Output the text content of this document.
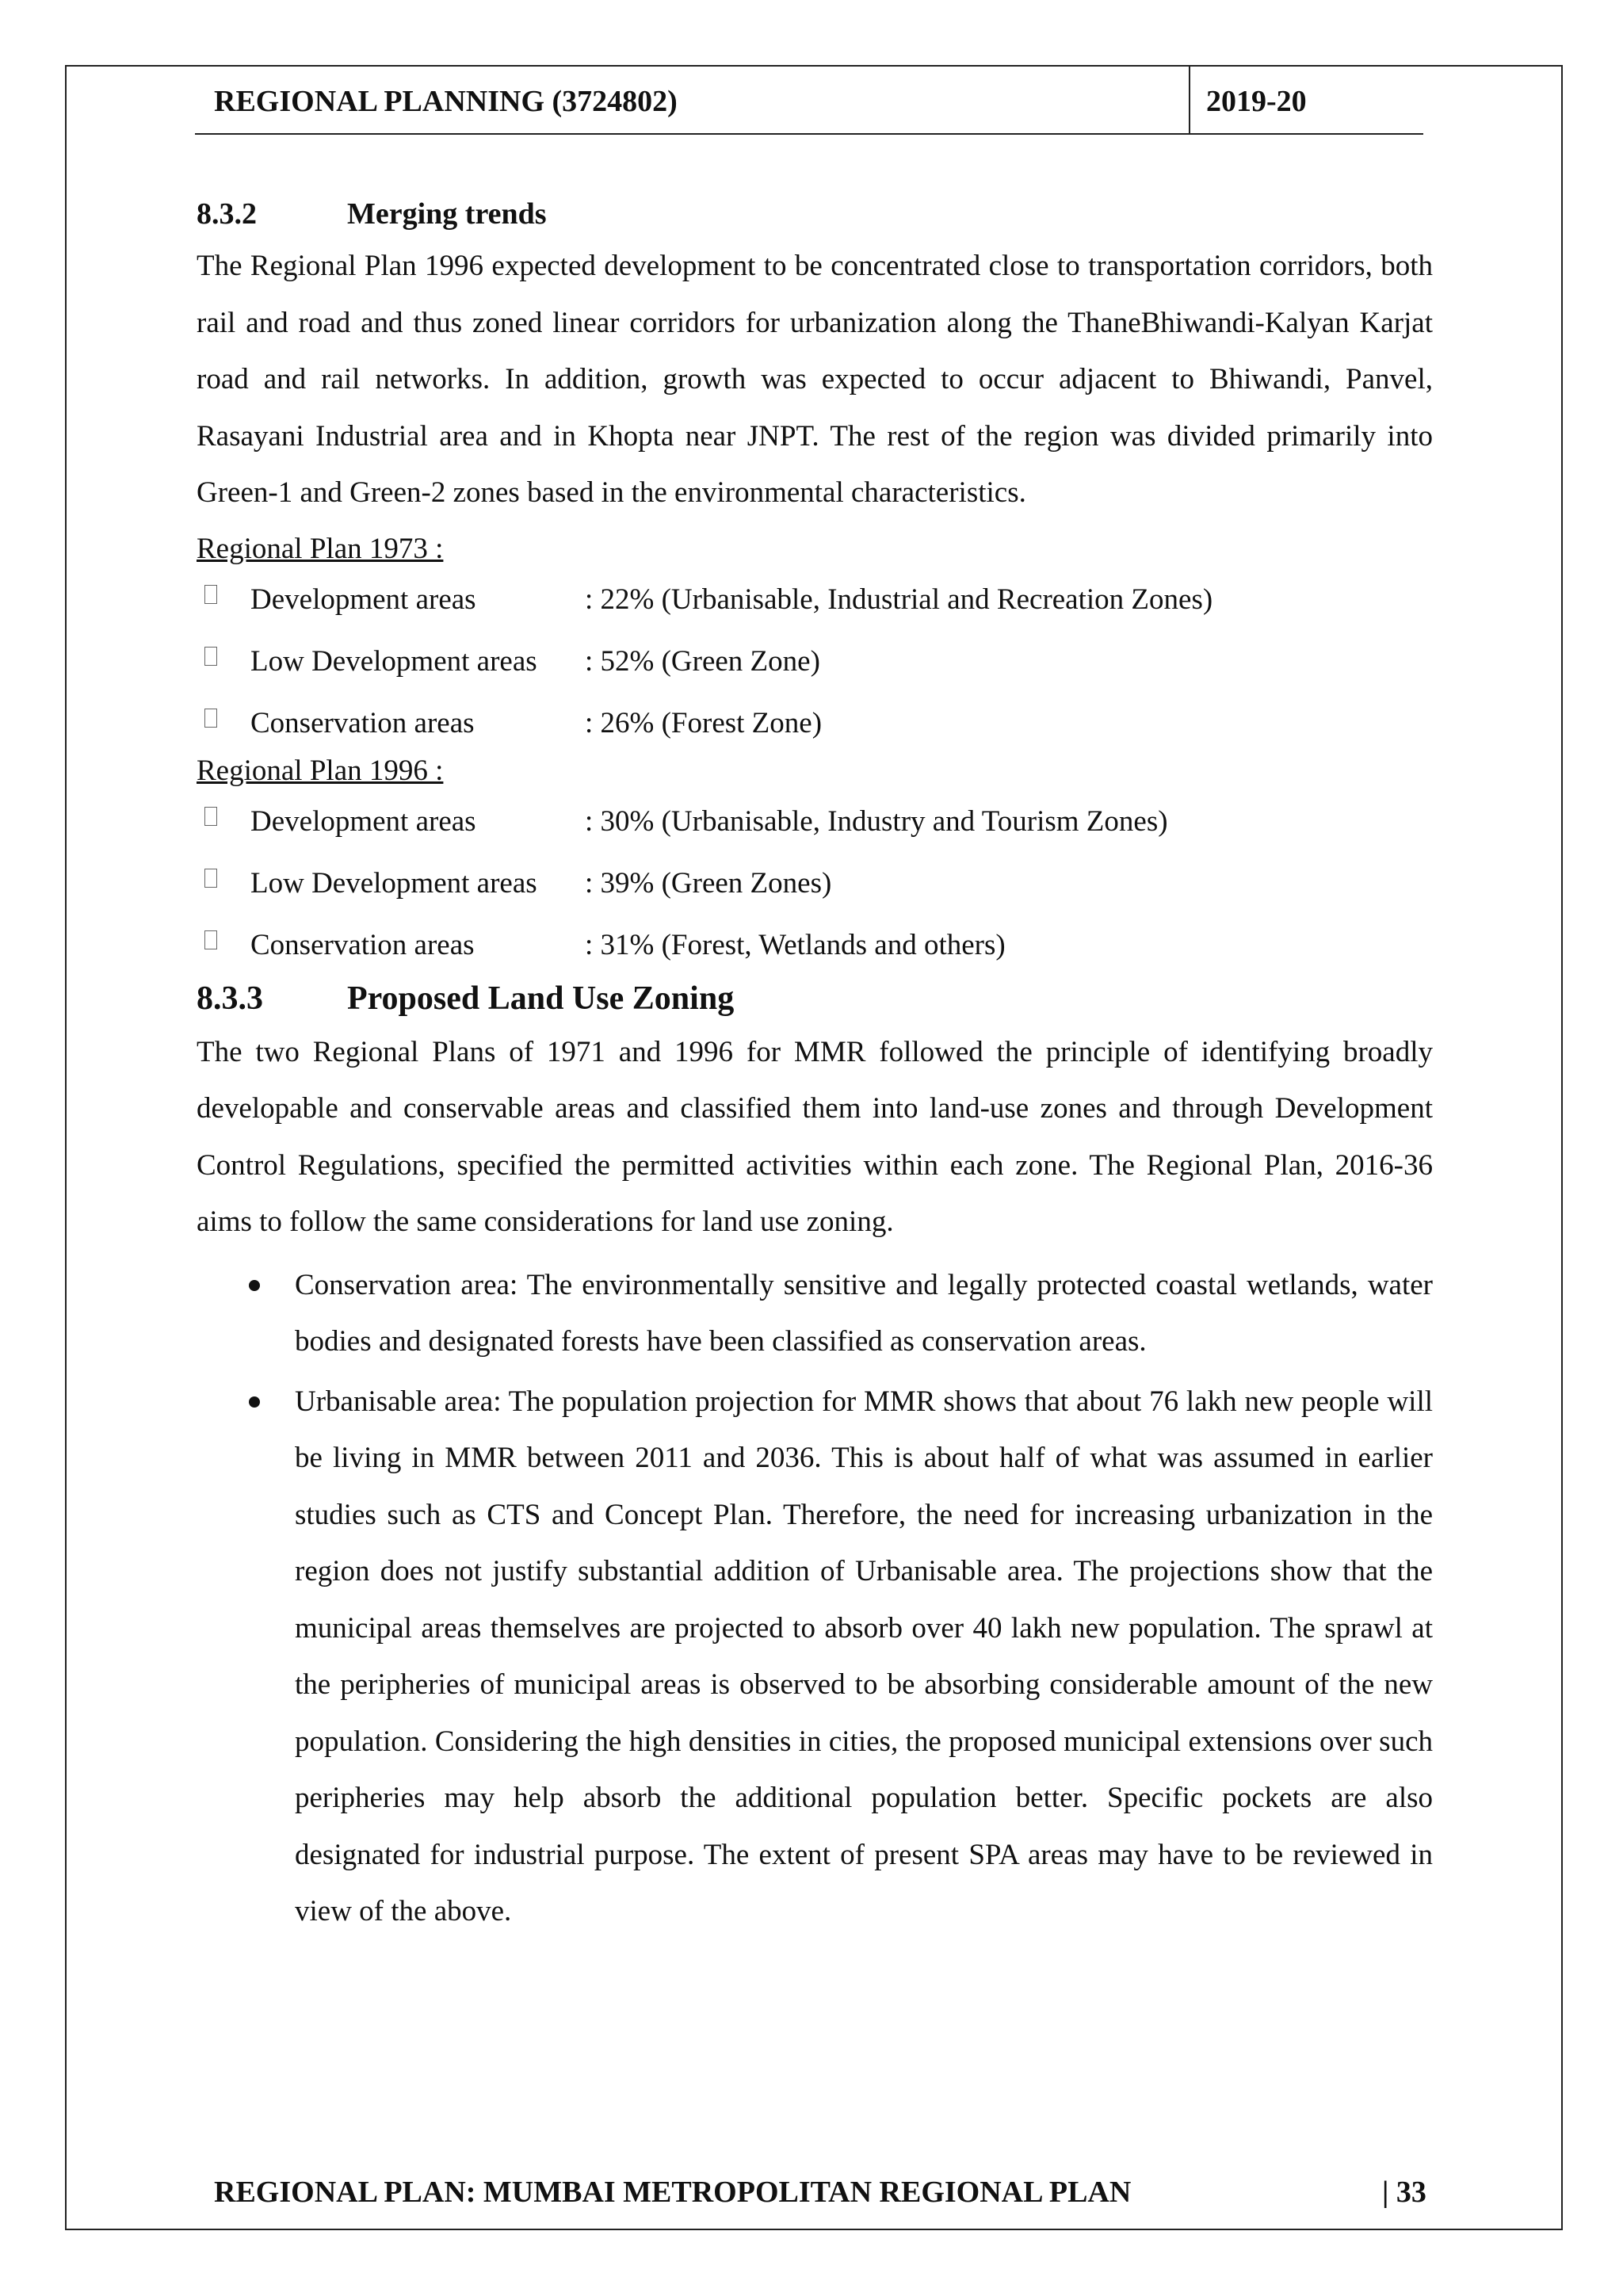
REGIONAL PLANNING (3724802)	2019-20
8.3.2	Merging trends

The Regional Plan 1996 expected development to be concentrated close to transportation corridors, both rail and road and thus zoned linear corridors for urbanization along the ThaneBhiwandi-Kalyan Karjat road and rail networks. In addition, growth was expected to occur adjacent to Bhiwandi, Panvel, Rasayani Industrial area and in Khopta near JNPT. The rest of the region was divided primarily into Green-1 and Green-2 zones based in the environmental characteristics.

Regional Plan 1973 :
Development areas	: 22% (Urbanisable, Industrial and Recreation Zones)
Low Development areas	: 52% (Green Zone)
Conservation areas	: 26% (Forest Zone)
Regional Plan 1996 :
Development areas	: 30% (Urbanisable, Industry and Tourism Zones)
Low Development areas	: 39% (Green Zones)
Conservation areas	: 31% (Forest, Wetlands and others)
8.3.3	Proposed Land Use Zoning

The two Regional Plans of 1971 and 1996 for MMR followed the principle of identifying broadly developable and conservable areas and classified them into land-use zones and through Development Control Regulations, specified the permitted activities within each zone. The Regional Plan, 2016-36 aims to follow the same considerations for land use zoning.

Conservation area: The environmentally sensitive and legally protected coastal wetlands, water bodies and designated forests have been classified as conservation areas.
Urbanisable area: The population projection for MMR shows that about 76 lakh new people will be living in MMR between 2011 and 2036. This is about half of what was assumed in earlier studies such as CTS and Concept Plan. Therefore, the need for increasing urbanization in the region does not justify substantial addition of Urbanisable area. The projections show that the municipal areas themselves are projected to absorb over 40 lakh new population. The sprawl at the peripheries of municipal areas is observed to be absorbing considerable amount of the new population. Considering the high densities in cities, the proposed municipal extensions over such peripheries may help absorb the additional population better. Specific pockets are also designated for industrial purpose. The extent of present SPA areas may have to be reviewed in view of the above.
REGIONAL PLAN: MUMBAI METROPOLITAN REGIONAL PLAN	| 33
